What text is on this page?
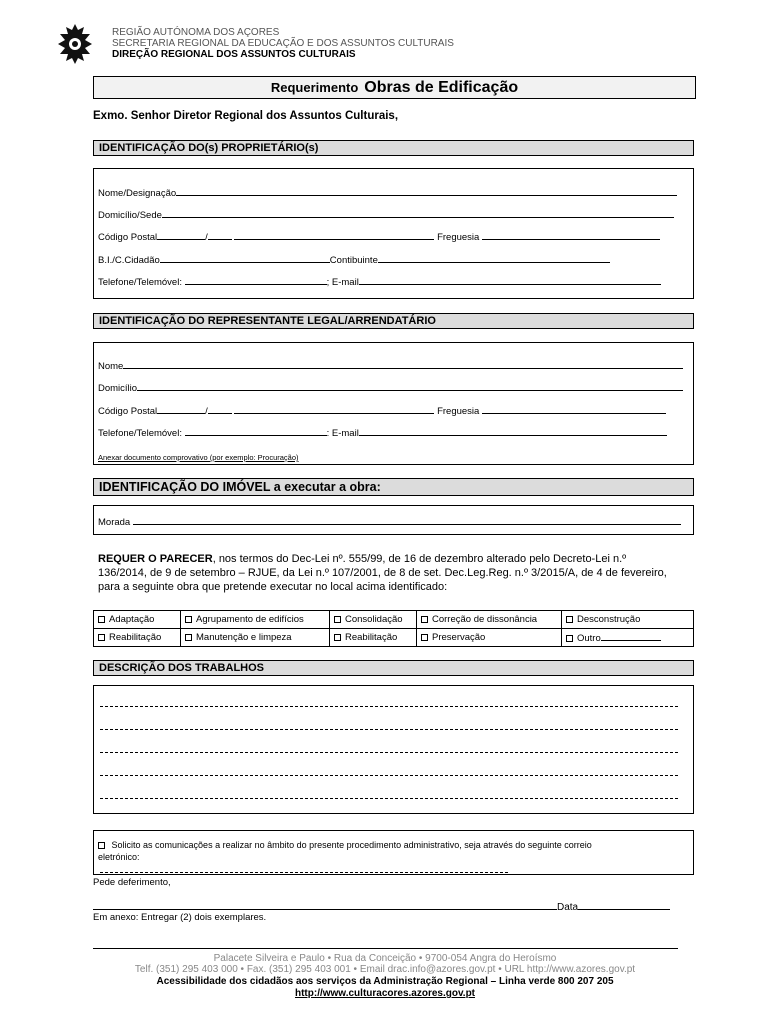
REGIÃO AUTÓNOMA DOS AÇORES
SECRETARIA REGIONAL DA EDUCAÇÃO E DOS ASSUNTOS CULTURAIS
DIREÇÃO REGIONAL DOS ASSUNTOS CULTURAIS
Requerimento Obras de Edificação
Exmo. Senhor Diretor Regional dos Assuntos Culturais,
IDENTIFICAÇÃO DO(s) PROPRIETÁRIO(s)
Nome/Designação
Domicílio/Sede
Código Postal	/	Freguesia
B.I./C.Cidadão	Contibuinte
Telefone/Telemóvel:	; E-mail
IDENTIFICAÇÃO DO REPRESENTANTE LEGAL/ARRENDATÁRIO
Nome
Domicílio
Código Postal	/	Freguesia
Telefone/Telemóvel:	: E-mail
Anexar documento comprovativo (por exemplo: Procuração)
IDENTIFICAÇÃO DO IMÓVEL a executar a obra:
Morada
REQUER O PARECER, nos termos do Dec-Lei nº. 555/99, de 16 de dezembro alterado pelo Decreto-Lei n.º
136/2014, de 9 de setembro – RJUE, da Lei n.º 107/2001, de 8 de set. Dec.Leg.Reg. n.º 3/2015/A, de 4 de fevereiro,
para a seguinte obra que pretende executar no local acima identificado:
Adaptação	Agrupamento de edifícios	Consolidação	Correção de dissonância	Desconstrução
Reabilitação	Manutenção e limpeza	Reabilitação	Preservação	Outro
DESCRIÇÃO DOS TRABALHOS
Solicito as comunicações a realizar no âmbito do presente procedimento administrativo, seja através do seguinte correio
eletrónico:
Pede deferimento,
Data
Em anexo: Entregar (2) dois exemplares.
Palacete Silveira e Paulo • Rua da Conceição • 9700-054 Angra do Heroísmo
Telf. (351) 295 403 000 • Fax. (351) 295 403 001 • Email drac.info@azores.gov.pt • URL http://www.azores.gov.pt
Acessibilidade dos cidadãos aos serviços da Administração Regional – Linha verde 800 207 205
http://www.culturacores.azores.gov.pt
